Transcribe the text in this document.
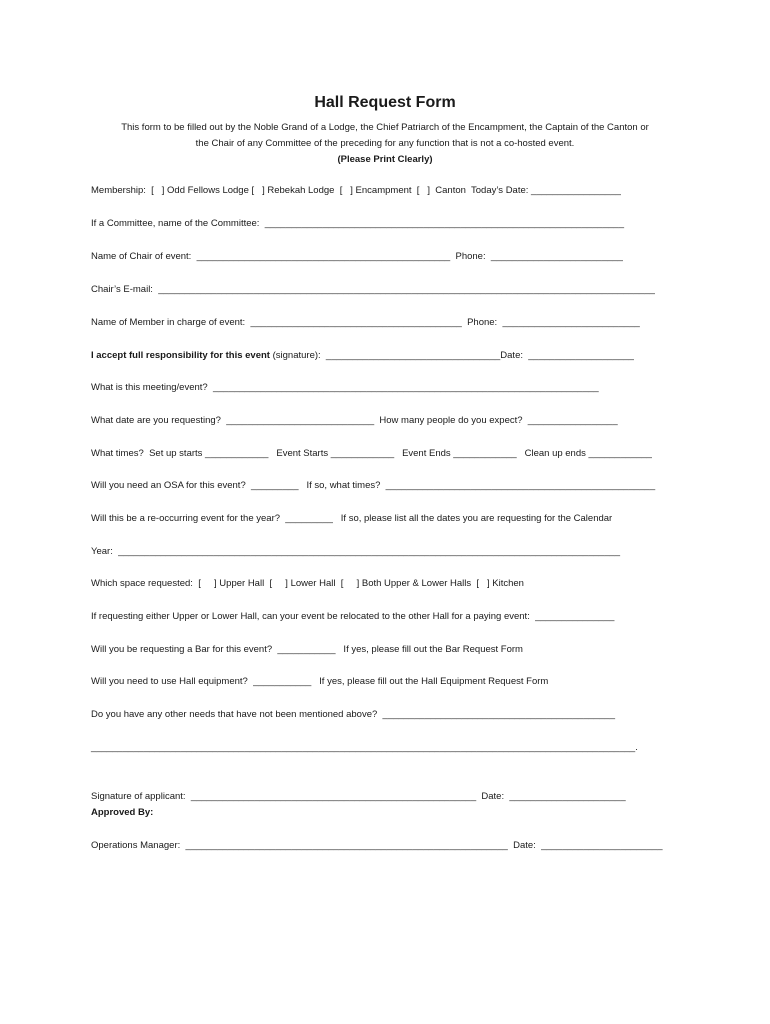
Hall Request Form
This form to be filled out by the Noble Grand of a Lodge, the Chief Patriarch of the Encampment, the Captain of the Canton or
the Chair of any Committee of the preceding for any function that is not a co-hosted event.
(Please Print Clearly)
Membership:  [   ] Odd Fellows Lodge [   ] Rebekah Lodge  [   ] Encampment  [   ]  Canton  Today’s Date: _________________
If a Committee, name of the Committee:  ____________________________________________________________________
Name of Chair of event:  ________________________________________________  Phone:  _________________________
Chair’s E-mail:  ______________________________________________________________________________________________
Name of Member in charge of event:  ________________________________________  Phone:  __________________________
I accept full responsibility for this event (signature):  _________________________________Date:  ____________________
What is this meeting/event?  _________________________________________________________________________
What date are you requesting?  ____________________________  How many people do you expect?  _________________
What times?  Set up starts ____________   Event Starts ____________   Event Ends ____________   Clean up ends ____________
Will you need an OSA for this event?  _________   If so, what times?  ___________________________________________________
Will this be a re-occurring event for the year?  _________   If so, please list all the dates you are requesting for the Calendar
Year:  _______________________________________________________________________________________________
Which space requested:  [     ] Upper Hall  [     ] Lower Hall  [     ] Both Upper & Lower Halls  [   ] Kitchen
If requesting either Upper or Lower Hall, can your event be relocated to the other Hall for a paying event:  _______________
Will you be requesting a Bar for this event?  ___________   If yes, please fill out the Bar Request Form
Will you need to use Hall equipment?  ___________   If yes, please fill out the Hall Equipment Request Form
Do you have any other needs that have not been mentioned above?  ____________________________________________
_______________________________________________________________________________________________________.
Signature of applicant:  ______________________________________________________  Date:  ______________________
Approved By:
Operations Manager:  _____________________________________________________________  Date:  _______________________
